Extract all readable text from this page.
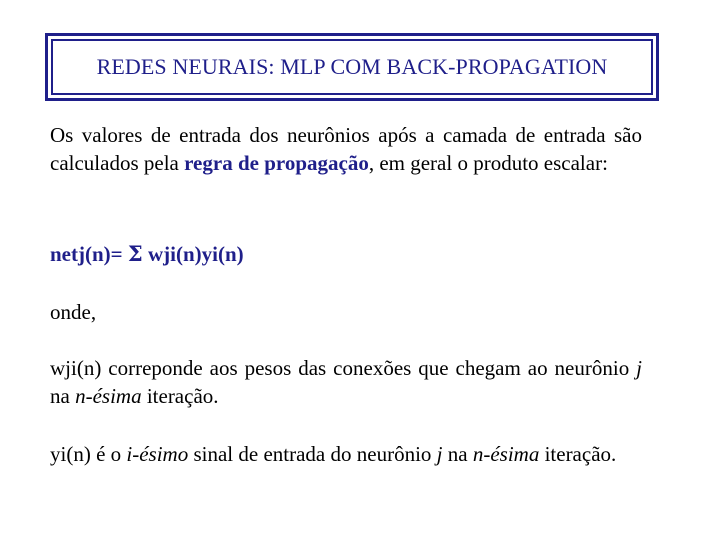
REDES NEURAIS: MLP COM BACK-PROPAGATION

Os valores de entrada dos neurônios após a camada de entrada são calculados pela regra de propagação, em geral o produto escalar:

netj(n)= Σ wji(n)yi(n)

onde,

wji(n) correponde aos pesos das conexões que chegam ao neurônio j na n-ésima iteração.

yi(n) é o i-ésimo sinal de entrada do neurônio j na n-ésima iteração.
